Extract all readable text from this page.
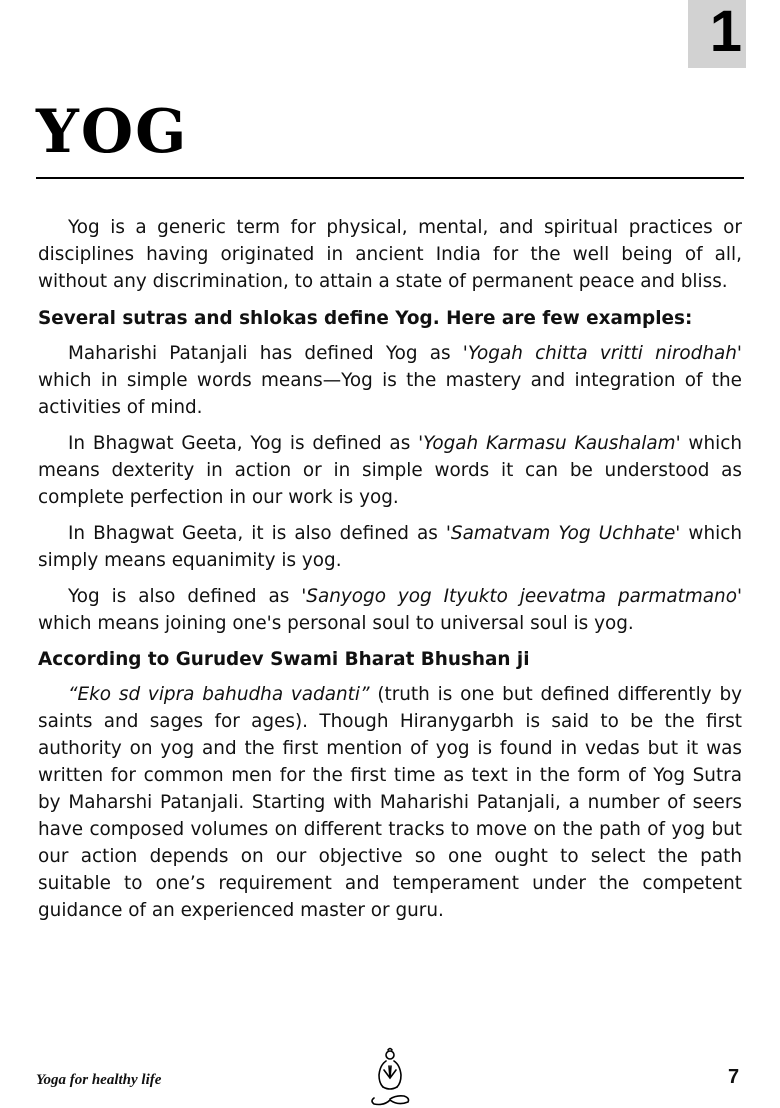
1
YOG

Yog is a generic term for physical, mental, and spiritual practices or disciplines having originated in ancient India for the well being of all, without any discrimination, to attain a state of permanent peace and bliss.

Several sutras and shlokas define Yog. Here are few examples:

Maharishi Patanjali has defined Yog as 'Yogah chitta vritti nirodhah' which in simple words means—Yog is the mastery and integration of the activities of mind.

In Bhagwat Geeta, Yog is defined as 'Yogah Karmasu Kaushalam' which means dexterity in action or in simple words it can be understood as complete perfection in our work is yog.

In Bhagwat Geeta, it is also defined as 'Samatvam Yog Uchhate' which simply means equanimity is yog.

Yog is also defined as 'Sanyogo yog Ityukto jeevatma parmatmano' which means joining one's personal soul to universal soul is yog.

According to Gurudev Swami Bharat Bhushan ji

“Eko sd vipra bahudha vadanti” (truth is one but defined differently by saints and sages for ages). Though Hiranygarbh is said to be the first authority on yog and the first mention of yog is found in vedas but it was written for common men for the first time as text in the form of Yog Sutra by Maharshi Patanjali. Starting with Maharishi Patanjali, a number of seers have composed volumes on different tracks to move on the path of yog but our action depends on our objective so one ought to select the path suitable to one’s requirement and temperament under the competent guidance of an experienced master or guru.

Yoga for healthy life	7
